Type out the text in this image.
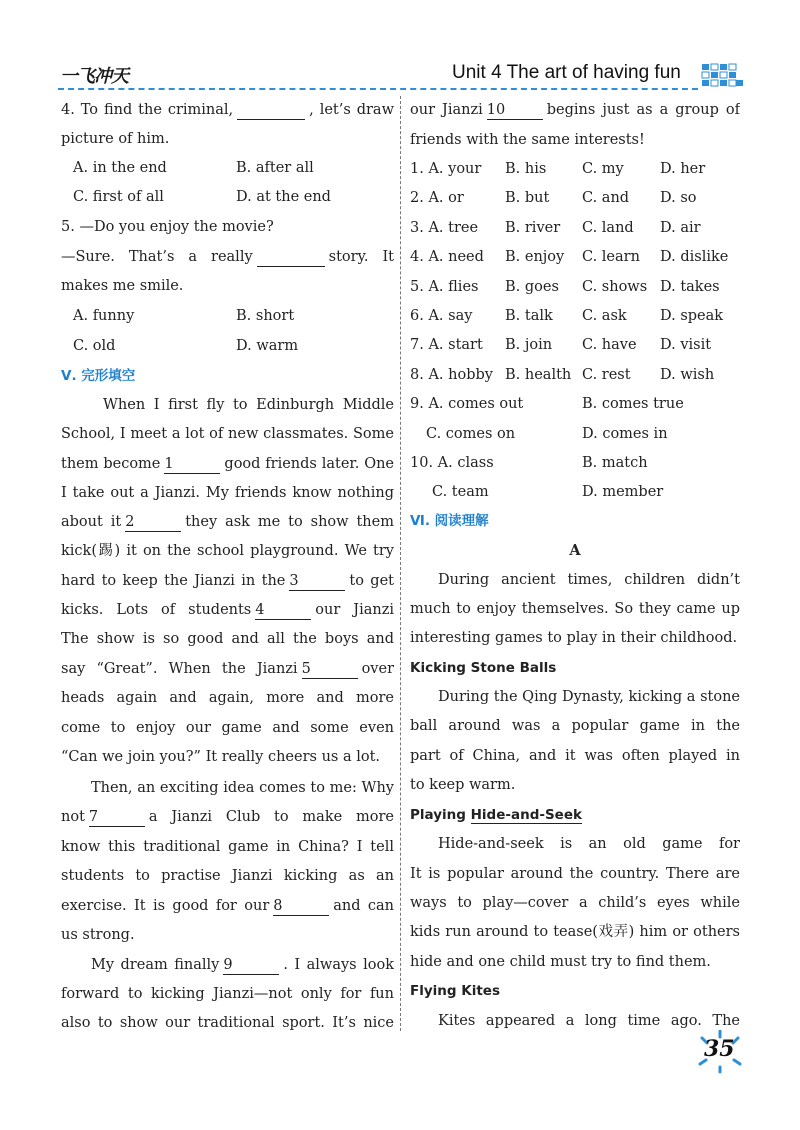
一飞冲天	Unit 4 The art of having fun
4. To find the criminal,	, let’s draw
picture of him.
A. in the end	B. after all
C. first of all	D. at the end
5. —Do you enjoy the movie?
—Sure. That’s a really	story. It
makes me smile.
A. funny	B. short
C. old	D. warm
Ⅴ. 完形填空
When I first fly to Edinburgh Middle
School, I meet a lot of new classmates. Some
them become 1	good friends later. One
I take out a Jianzi. My friends know nothing
about it 2	they ask me to show them
kick(踢) it on the school playground. We try
hard to keep the Jianzi in the 3	to get
kicks. Lots of students 4	our Jianzi
The show is so good and all the boys and
say “Great”. When the Jianzi 5	over
heads again and again, more and more
come to enjoy our game and some even
“Can we join you?” It really cheers us a lot.
Then, an exciting idea comes to me: Why
not 7	a Jianzi Club to make more
know this traditional game in China? I tell
students to practise Jianzi kicking as an
exercise. It is good for our 8	and can
us strong.
My dream finally 9	. I always look
forward to kicking Jianzi—not only for fun
also to show our traditional sport. It’s nice
our Jianzi 10	begins just as a group of
friends with the same interests!
1. A. your B. his C. my	D. her
2. A. or	B. but C. and D. so
3. A. tree B. river C. land D. air
4. A. need B. enjoy C. learn D. dislike
5. A. flies B. goes C. shows D. takes
6. A. say B. talk C. ask D. speak
7. A. start B. join C. have D. visit
8. A. hobby B. health C. rest D. wish
9. A. comes out	B. comes true
C. comes on	D. comes in
10. A. class	B. match
C. team	D. member
Ⅵ. 阅读理解
A
During ancient times, children didn’t
much to enjoy themselves. So they came up
interesting games to play in their childhood.
Kicking Stone Balls
During the Qing Dynasty, kicking a stone
ball around was a popular game in the
part of China, and it was often played in
to keep warm.
Playing Hide-and-Seek
Hide-and-seek is an old game for
It is popular around the country. There are
ways to play—cover a child’s eyes while
kids run around to tease(戏弄) him or others
hide and one child must try to find them.
Flying Kites
Kites appeared a long time ago. The
35
